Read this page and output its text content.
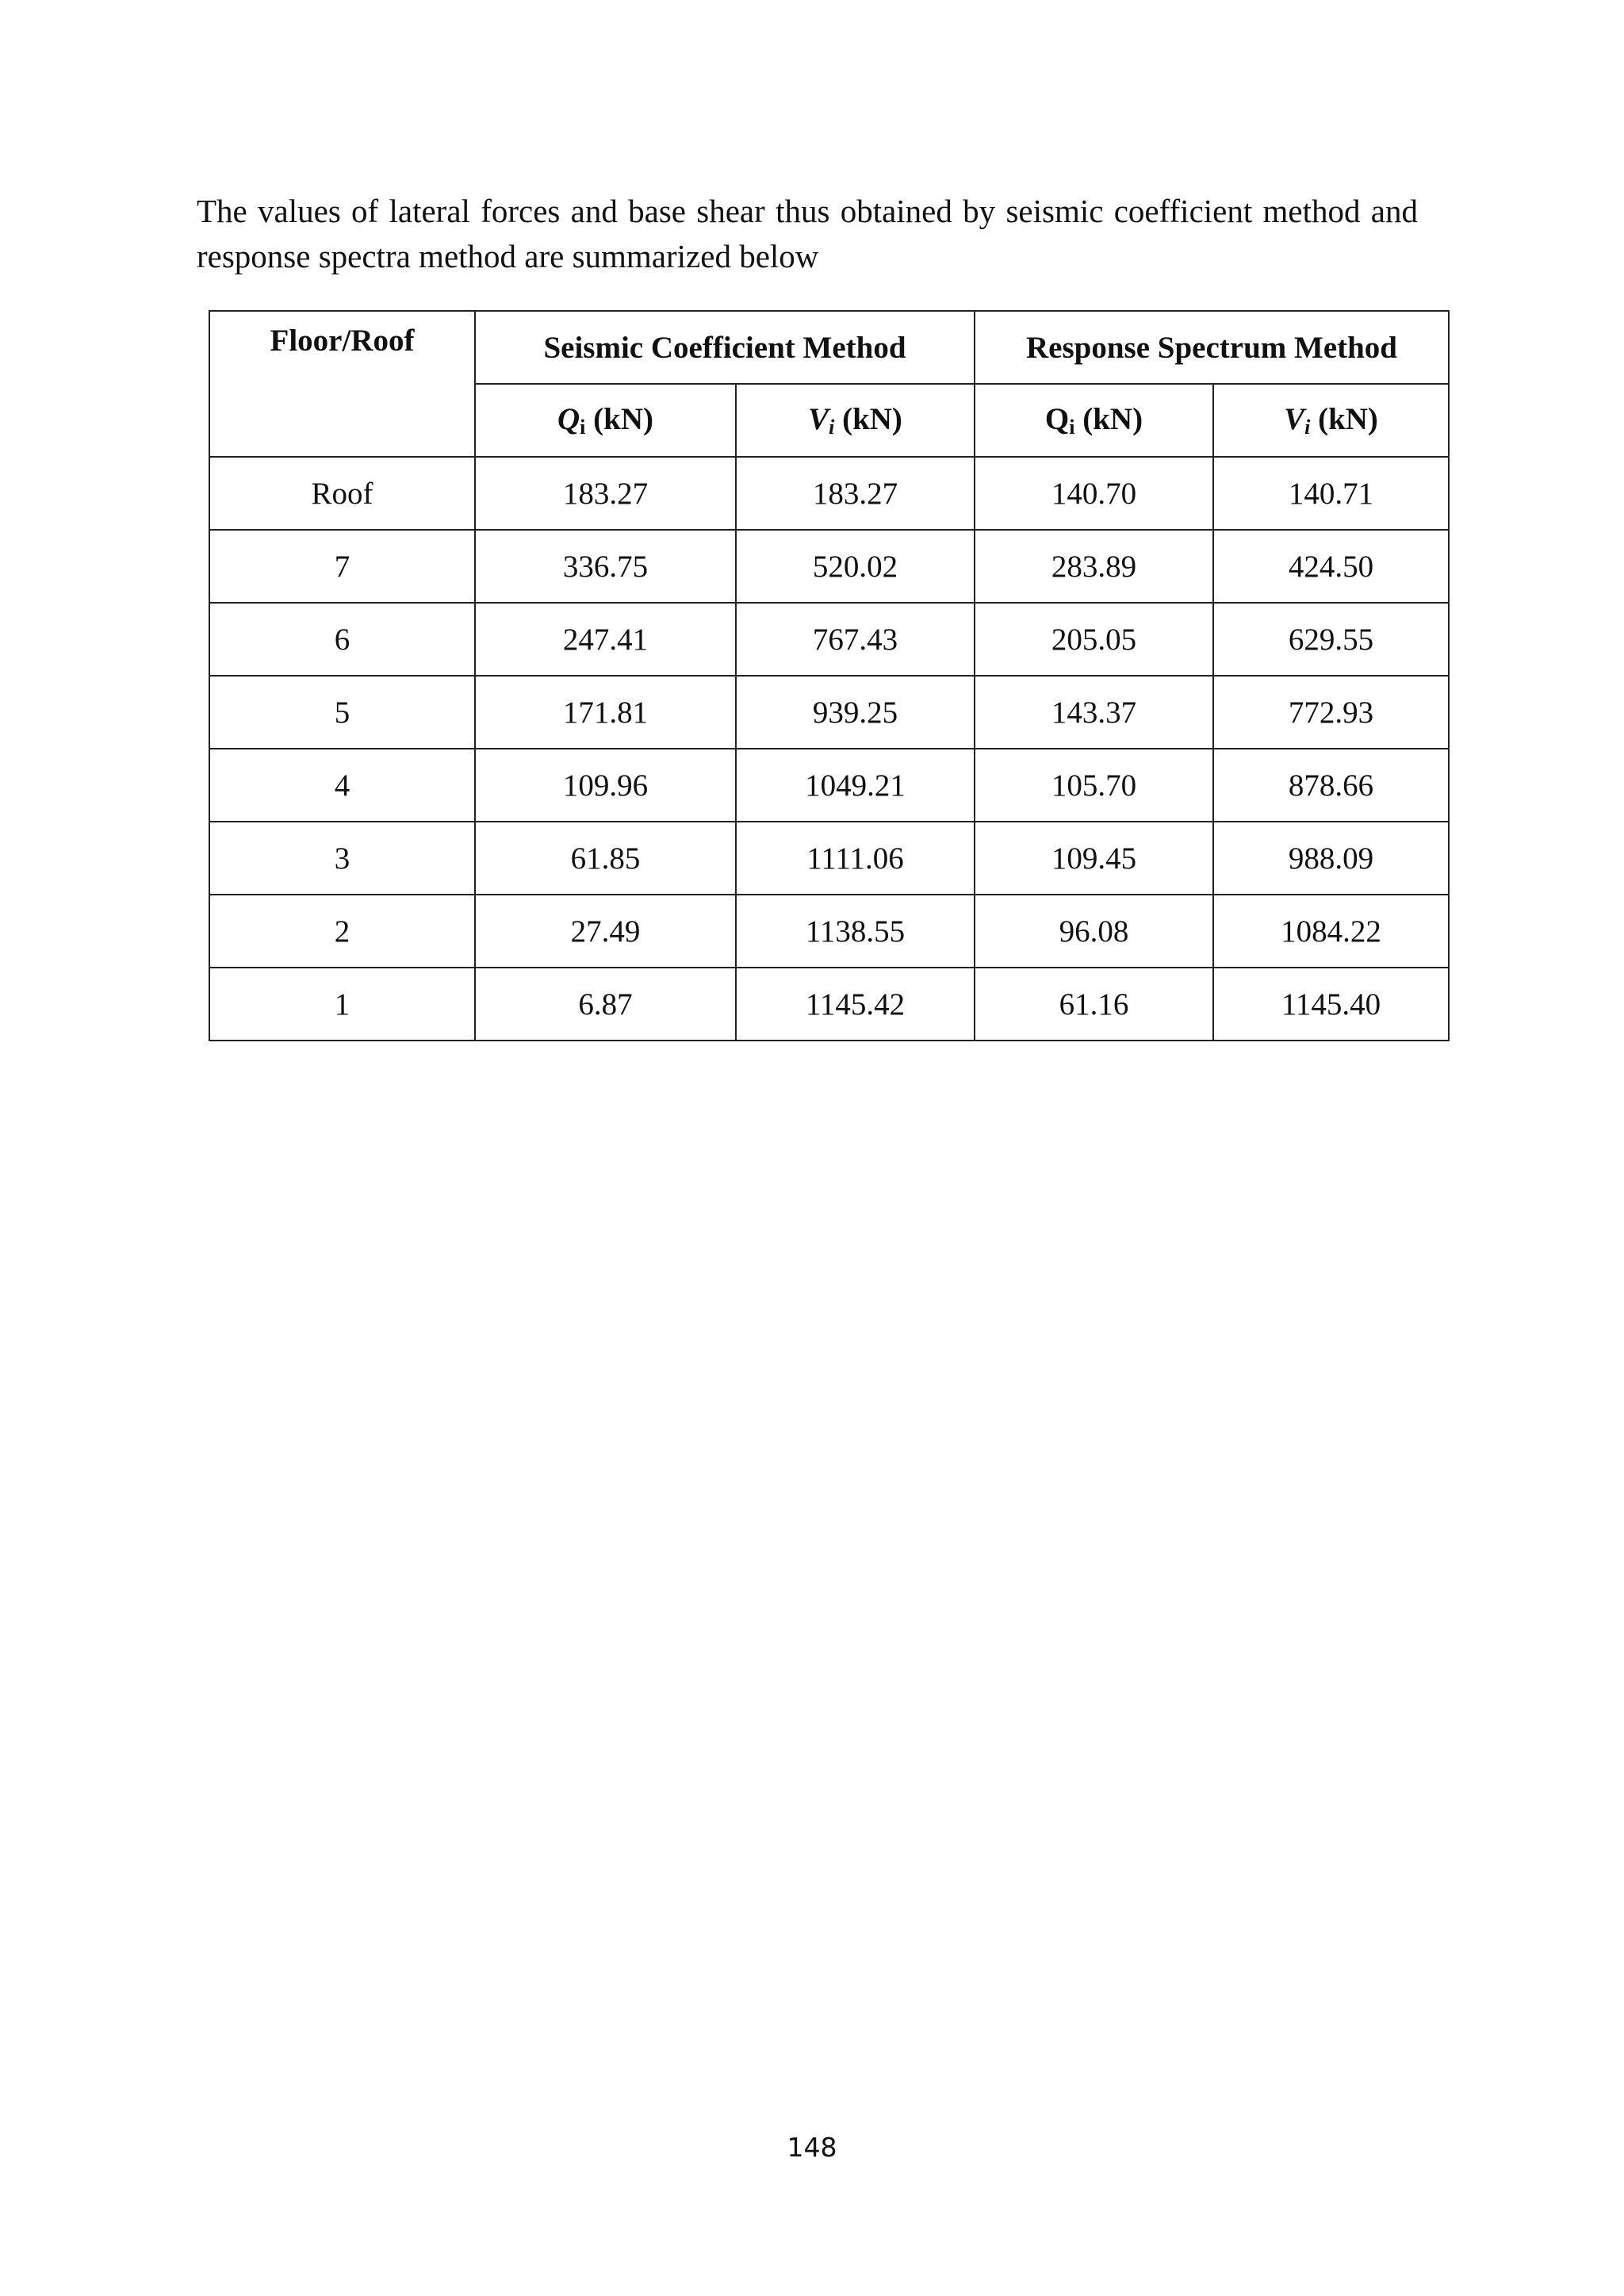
The values of lateral forces and base shear thus obtained by seismic coefficient method and response spectra method are summarized below

Floor/Roof	Seismic Coefficient Method		Response Spectrum Method	
	$Q_i$ (kN)	$V_i$ (kN)	$Q_i$ (kN)	$V_i$ (kN)
Roof	183.27	183.27	140.70	140.71
7	336.75	520.02	283.89	424.50
6	247.41	767.43	205.05	629.55
5	171.81	939.25	143.37	772.93
4	109.96	1049.21	105.70	878.66
3	61.85	1111.06	109.45	988.09
2	27.49	1138.55	96.08	1084.22
1	6.87	1145.42	61.16	1145.40
148
